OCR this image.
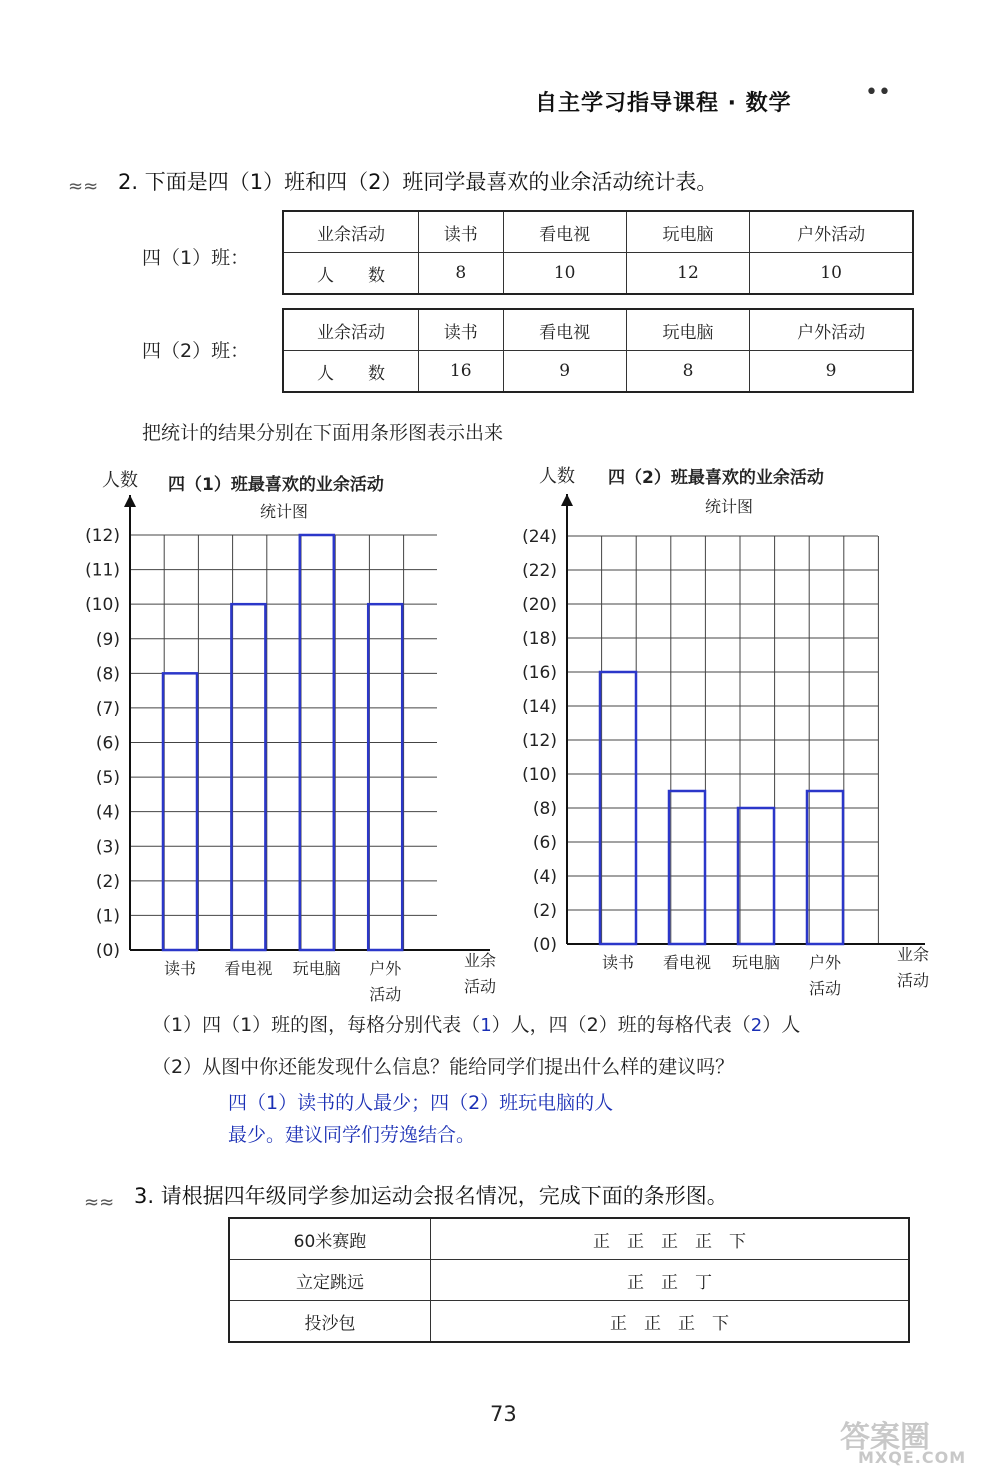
自主学习指导课程 · 数学	••
≈≈ 2. 下面是四（1）班和四（2）班同学最喜欢的业余活动统计表。
四（1）班：
业余活动	读书	看电视	玩电脑	户外活动
人　　数	8	10	12	10
四（2）班：
业余活动	读书	看电视	玩电脑	户外活动
人　　数	16	9	8	9
把统计的结果分别在下面用条形图表示出来
人数 四（1）班最喜欢的业余活动
统计图
(0)
(1)
(2)
(3)
(4)
(5)
(6)
(7)
(8)
(9)
(10)
(11)
(12)
读书 看电视 玩电脑 户外
活动
业余
活动
人数 四（2）班最喜欢的业余活动
统计图
(0)
(2)
(4)
(6)
(8)
(10)
(12)
(14)
(16)
(18)
(20)
(22)
(24)
读书 看电视 玩电脑 户外
活动
业余
活动
（1）四（1）班的图，每格分别代表（1）人，四（2）班的每格代表（2）人
（2）从图中你还能发现什么信息？能给同学们提出什么样的建议吗？
四（1）读书的人最少；四（2）班玩电脑的人
最少。建议同学们劳逸结合。
≈≈ 3. 请根据四年级同学参加运动会报名情况，完成下面的条形图。
60米赛跑	正　正　正　正　下
立定跳远	正　正　丁
投沙包	正　正　正　下
73
答案圈
MXQE.COM
